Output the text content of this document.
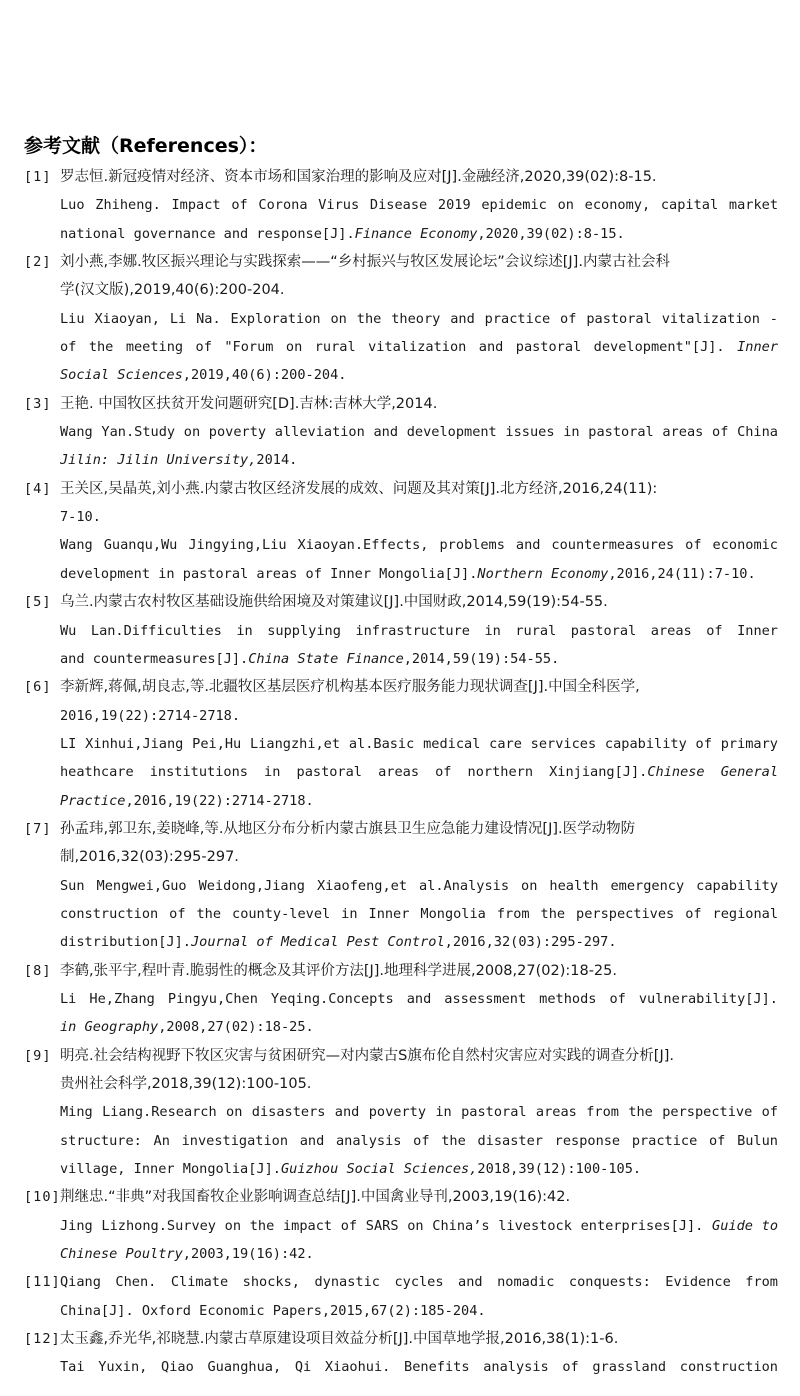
参考文献（References）：
[1] 罗志恒.新冠疫情对经济、资本市场和国家治理的影响及应对[J].金融经济,2020,39(02):8-15.
Luo Zhiheng. Impact of Corona Virus Disease 2019 epidemic on economy, capital market
national governance and response[J].Finance Economy,2020,39(02):8-15.
[2] 刘小燕,李娜.牧区振兴理论与实践探索——“乡村振兴与牧区发展论坛”会议综述[J].内蒙古社会科
学(汉文版),2019,40(6):200-204.
Liu Xiaoyan, Li Na. Exploration on the theory and practice of pastoral vitalization -
of the meeting of "Forum on rural vitalization and pastoral development"[J]. Inner
Social Sciences,2019,40(6):200-204.
[3] 王艳. 中国牧区扶贫开发问题研究[D].吉林:吉林大学,2014.
Wang Yan.Study on poverty alleviation and development issues in pastoral areas of China
Jilin: Jilin University,2014.
[4] 王关区,吴晶英,刘小燕.内蒙古牧区经济发展的成效、问题及其对策[J].北方经济,2016,24(11):
7-10.
Wang Guanqu,Wu Jingying,Liu Xiaoyan.Effects, problems and countermeasures of economic
development in pastoral areas of Inner Mongolia[J].Northern Economy,2016,24(11):7-10.
[5] 乌兰.内蒙古农村牧区基础设施供给困境及对策建议[J].中国财政,2014,59(19):54-55.
Wu Lan.Difficulties in supplying infrastructure in rural pastoral areas of Inner
and countermeasures[J].China State Finance,2014,59(19):54-55.
[6] 李新辉,蒋佩,胡良志,等.北疆牧区基层医疗机构基本医疗服务能力现状调查[J].中国全科医学,
2016,19(22):2714-2718.
LI Xinhui,Jiang Pei,Hu Liangzhi,et al.Basic medical care services capability of primary
heathcare institutions in pastoral areas of northern Xinjiang[J].Chinese General
Practice,2016,19(22):2714-2718.
[7] 孙孟玮,郭卫东,姜晓峰,等.从地区分布分析内蒙古旗县卫生应急能力建设情况[J].医学动物防
制,2016,32(03):295-297.
Sun Mengwei,Guo Weidong,Jiang Xiaofeng,et al.Analysis on health emergency capability
construction of the county-level in Inner Mongolia from the perspectives of regional
distribution[J].Journal of Medical Pest Control,2016,32(03):295-297.
[8] 李鹤,张平宇,程叶青.脆弱性的概念及其评价方法[J].地理科学进展,2008,27(02):18-25.
Li He,Zhang Pingyu,Chen Yeqing.Concepts and assessment methods of vulnerability[J].
in Geography,2008,27(02):18-25.
[9] 明亮.社会结构视野下牧区灾害与贫困研究—对内蒙古S旗布伦自然村灾害应对实践的调查分析[J].
贵州社会科学,2018,39(12):100-105.
Ming Liang.Research on disasters and poverty in pastoral areas from the perspective of
structure: An investigation and analysis of the disaster response practice of Bulun
village, Inner Mongolia[J].Guizhou Social Sciences,2018,39(12):100-105.
[10] 荆继忠.“非典”对我国畜牧企业影响调查总结[J].中国禽业导刊,2003,19(16):42.
Jing Lizhong.Survey on the impact of SARS on China’s livestock enterprises[J]. Guide to
Chinese Poultry,2003,19(16):42.
[11] Qiang Chen. Climate shocks, dynastic cycles and nomadic conquests: Evidence from
China[J]. Oxford Economic Papers,2015,67(2):185-204.
[12] 太玉鑫,乔光华,祁晓慧.内蒙古草原建设项目效益分析[J].中国草地学报,2016,38(1):1-6.
Tai Yuxin, Qiao Guanghua, Qi Xiaohui. Benefits analysis of grassland construction
